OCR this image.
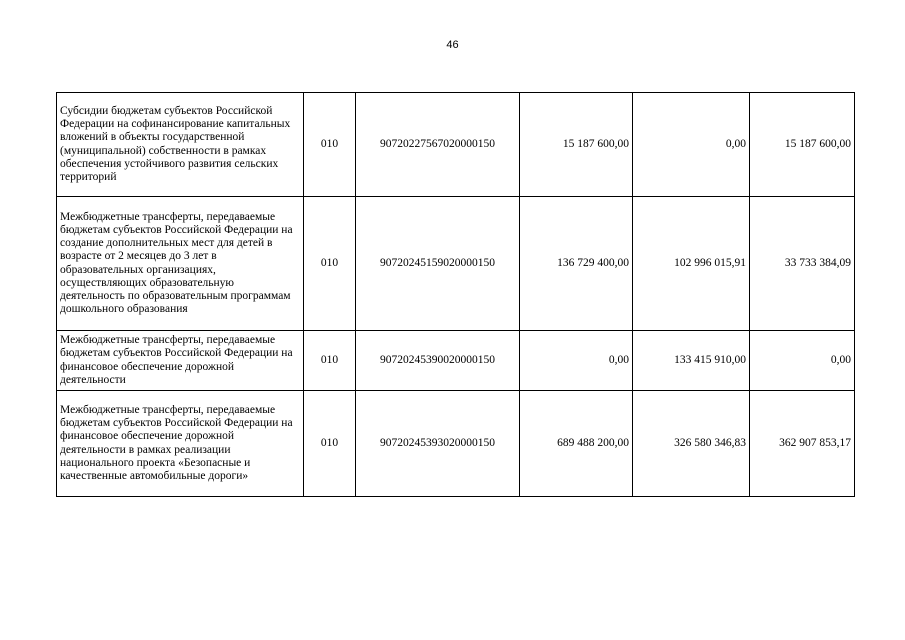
46
Субсидии бюджетам субъектов Российской Федерации на софинансирование капитальных вложений в объекты государственной (муниципальной) собственности в рамках обеспечения устойчивого развития сельских территорий	010	90720227567020000150	15 187 600,00	0,00	15 187 600,00
Межбюджетные трансферты, передаваемые бюджетам субъектов Российской Федерации на создание дополнительных мест для детей в возрасте от 2 месяцев до 3 лет в образовательных организациях, осуществляющих образовательную деятельность по образовательным программам дошкольного образования	010	90720245159020000150	136 729 400,00	102 996 015,91	33 733 384,09
Межбюджетные трансферты, передаваемые бюджетам субъектов Российской Федерации на финансовое обеспечение дорожной деятельности	010	90720245390020000150	0,00	133 415 910,00	0,00
Межбюджетные трансферты, передаваемые бюджетам субъектов Российской Федерации на финансовое обеспечение дорожной деятельности в рамках реализации национального проекта «Безопасные и качественные автомобильные дороги»	010	90720245393020000150	689 488 200,00	326 580 346,83	362 907 853,17
